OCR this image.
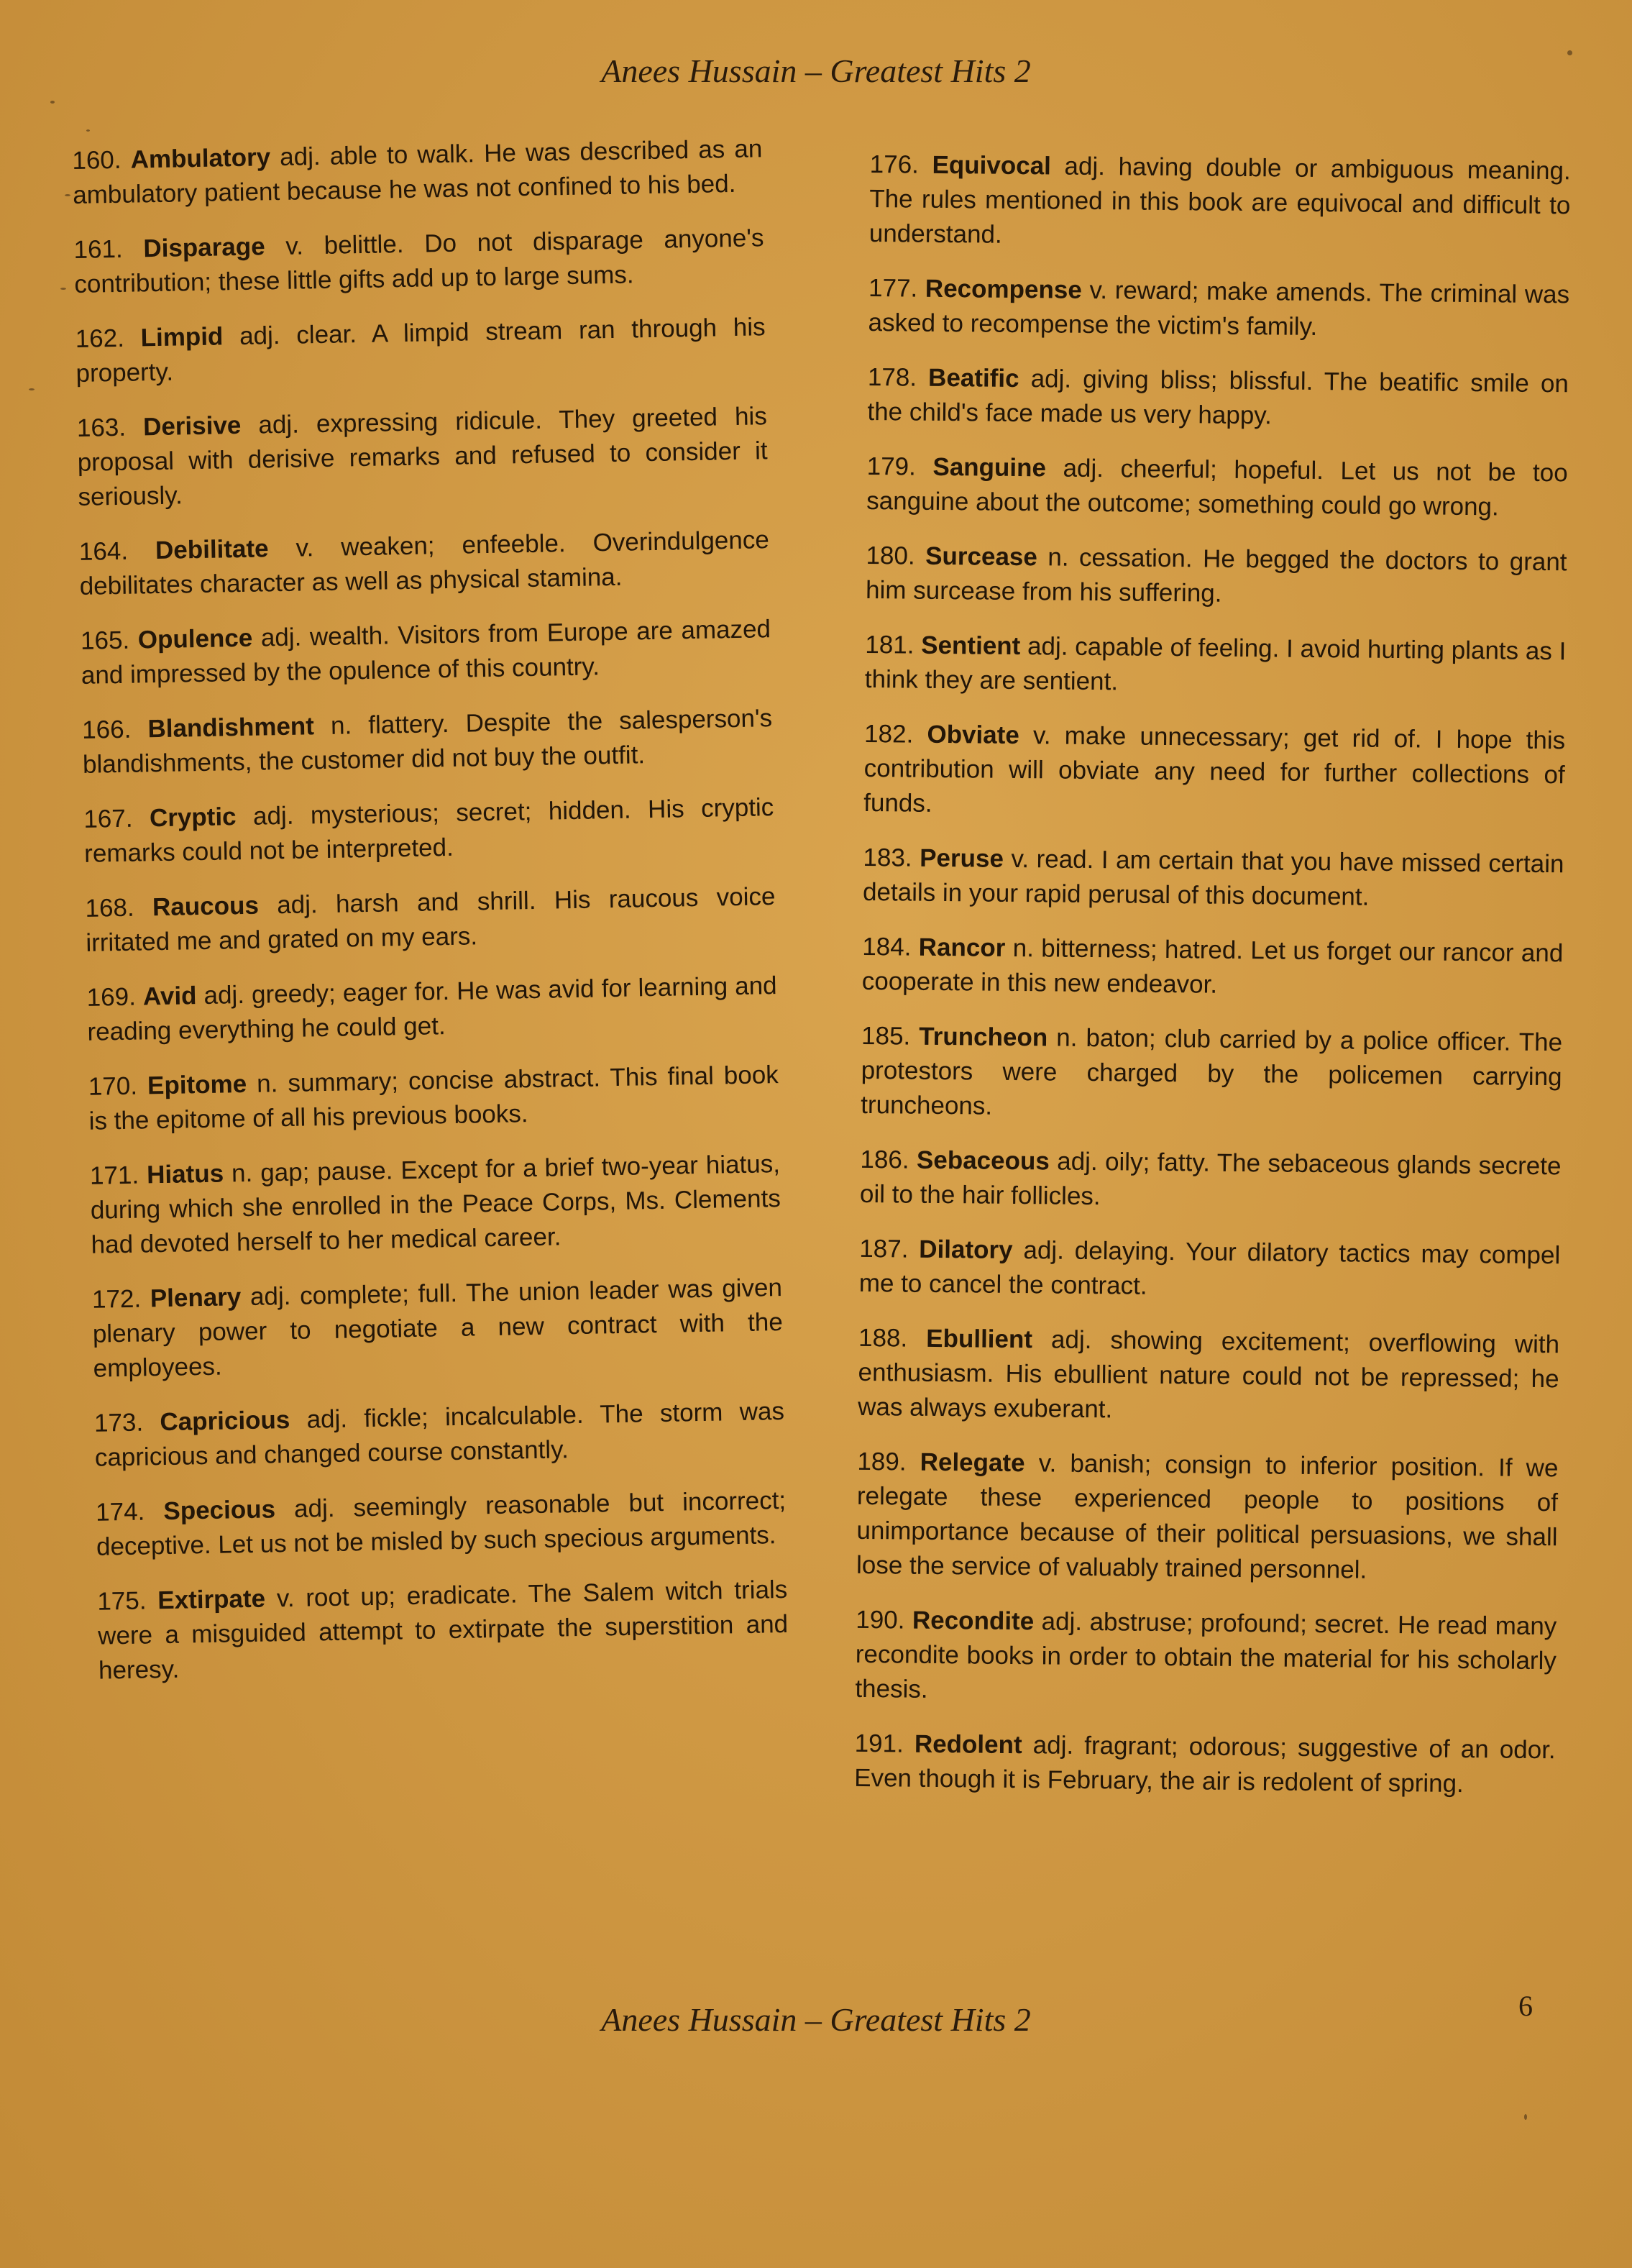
Anees Hussain – Greatest Hits 2
160. Ambulatory adj. able to walk. He was described as an ambulatory patient because he was not confined to his bed.
161. Disparage v. belittle. Do not disparage anyone's contribution; these little gifts add up to large sums.
162. Limpid adj. clear. A limpid stream ran through his property.
163. Derisive adj. expressing ridicule. They greeted his proposal with derisive remarks and refused to consider it seriously.
164. Debilitate v. weaken; enfeeble. Overindulgence debilitates character as well as physical stamina.
165. Opulence adj. wealth. Visitors from Europe are amazed and impressed by the opulence of this country.
166. Blandishment n. flattery. Despite the salesperson's blandishments, the customer did not buy the outfit.
167. Cryptic adj. mysterious; secret; hidden. His cryptic remarks could not be interpreted.
168. Raucous adj. harsh and shrill. His raucous voice irritated me and grated on my ears.
169. Avid adj. greedy; eager for. He was avid for learning and reading everything he could get.
170. Epitome n. summary; concise abstract. This final book is the epitome of all his previous books.
171. Hiatus n. gap; pause. Except for a brief two-year hiatus, during which she enrolled in the Peace Corps, Ms. Clements had devoted herself to her medical career.
172. Plenary adj. complete; full. The union leader was given plenary power to negotiate a new contract with the employees.
173. Capricious adj. fickle; incalculable. The storm was capricious and changed course constantly.
174. Specious adj. seemingly reasonable but incorrect; deceptive. Let us not be misled by such specious arguments.
175. Extirpate v. root up; eradicate. The Salem witch trials were a misguided attempt to extirpate the superstition and heresy.
176. Equivocal adj. having double or ambiguous meaning. The rules mentioned in this book are equivocal and difficult to understand.
177. Recompense v. reward; make amends. The criminal was asked to recompense the victim's family.
178. Beatific adj. giving bliss; blissful. The beatific smile on the child's face made us very happy.
179. Sanguine adj. cheerful; hopeful. Let us not be too sanguine about the outcome; something could go wrong.
180. Surcease n. cessation. He begged the doctors to grant him surcease from his suffering.
181. Sentient adj. capable of feeling. I avoid hurting plants as I think they are sentient.
182. Obviate v. make unnecessary; get rid of. I hope this contribution will obviate any need for further collections of funds.
183. Peruse v. read. I am certain that you have missed certain details in your rapid perusal of this document.
184. Rancor n. bitterness; hatred. Let us forget our rancor and cooperate in this new endeavor.
185. Truncheon n. baton; club carried by a police officer. The protestors were charged by the policemen carrying truncheons.
186. Sebaceous adj. oily; fatty. The sebaceous glands secrete oil to the hair follicles.
187. Dilatory adj. delaying. Your dilatory tactics may compel me to cancel the contract.
188. Ebullient adj. showing excitement; overflowing with enthusiasm. His ebullient nature could not be repressed; he was always exuberant.
189. Relegate v. banish; consign to inferior position. If we relegate these experienced people to positions of unimportance because of their political persuasions, we shall lose the service of valuably trained personnel.
190. Recondite adj. abstruse; profound; secret. He read many recondite books in order to obtain the material for his scholarly thesis.
191. Redolent adj. fragrant; odorous; suggestive of an odor. Even though it is February, the air is redolent of spring.
Anees Hussain – Greatest Hits 2	6
